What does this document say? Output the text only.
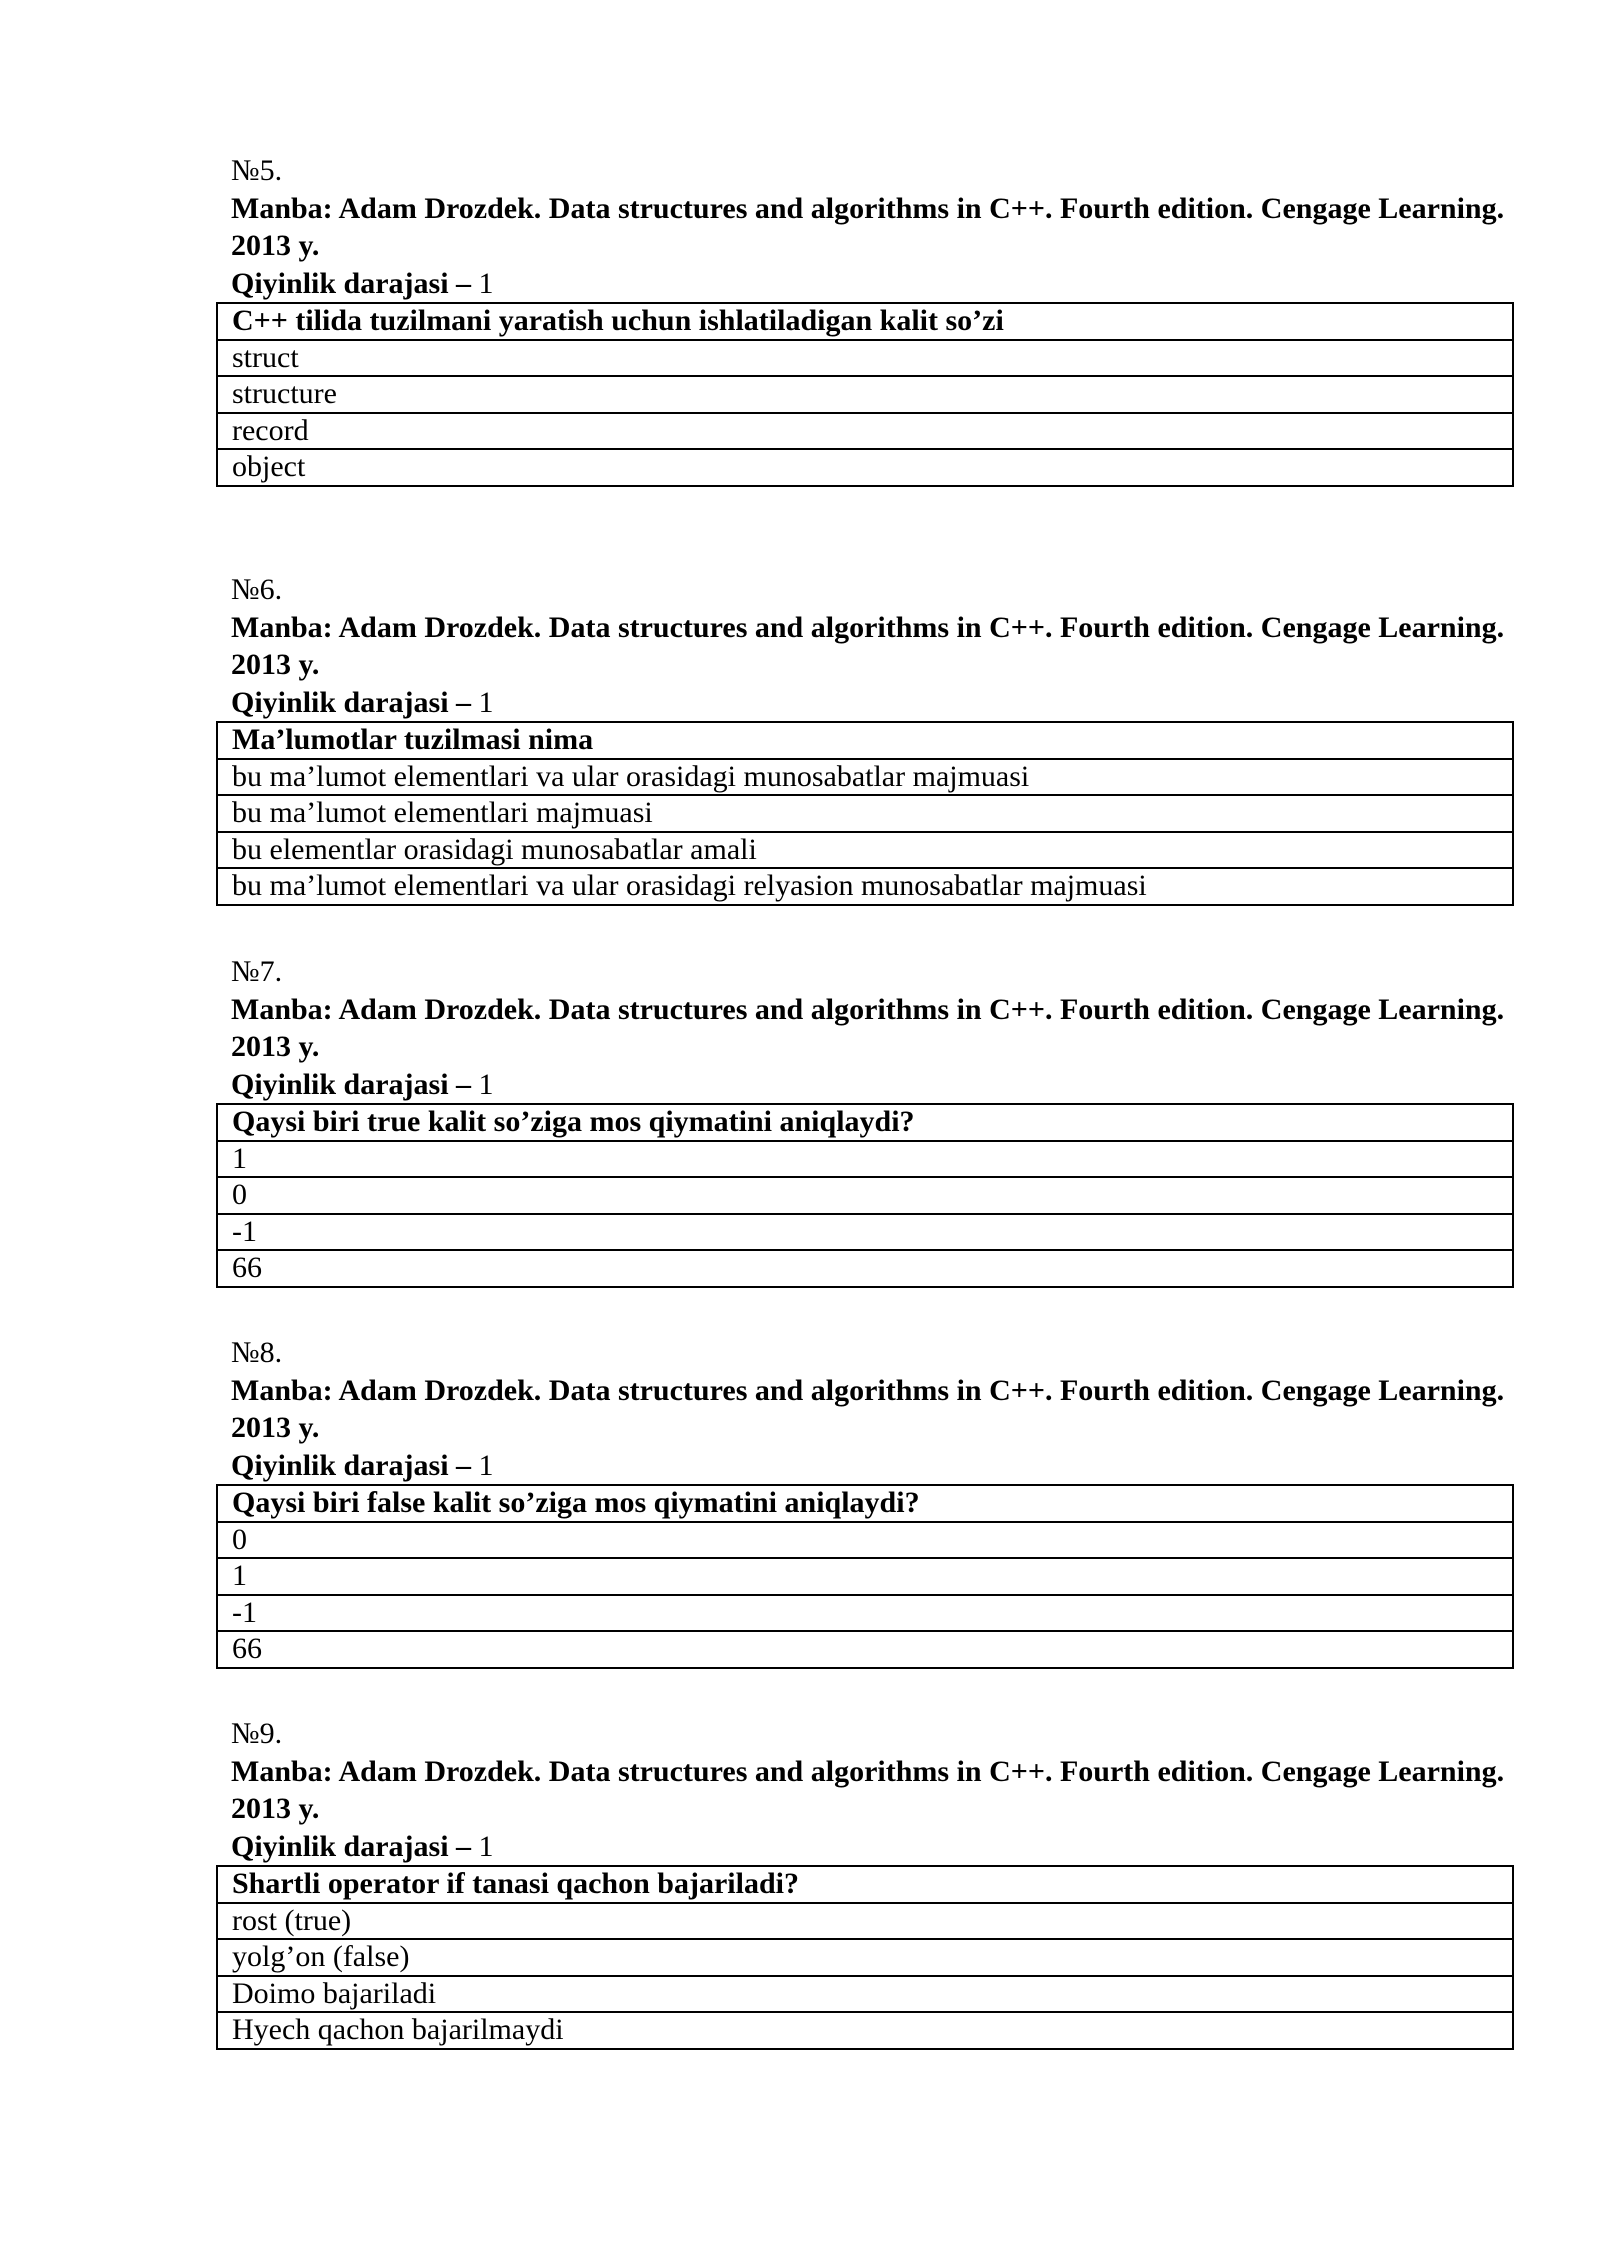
№5.

Manba: Adam Drozdek. Data structures and algorithms in C++. Fourth edition. Cengage Learning. 2013 y.

Qiyinlik darajasi – 1

C++ tilida tuzilmani yaratish uchun ishlatiladigan kalit so’zi
struct
structure
record
object

№6.

Manba: Adam Drozdek. Data structures and algorithms in C++. Fourth edition. Cengage Learning. 2013 y.

Qiyinlik darajasi – 1

Ma’lumotlar tuzilmasi nima
bu ma’lumot elementlari va ular orasidagi munosabatlar majmuasi
bu ma’lumot elementlari majmuasi
bu elementlar orasidagi munosabatlar amali
bu ma’lumot elementlari va ular orasidagi relyasion munosabatlar majmuasi

№7.

Manba: Adam Drozdek. Data structures and algorithms in C++. Fourth edition. Cengage Learning. 2013 y.

Qiyinlik darajasi – 1

Qaysi biri true kalit so’ziga mos qiymatini aniqlaydi?
1
0
-1
66

№8.

Manba: Adam Drozdek. Data structures and algorithms in C++. Fourth edition. Cengage Learning. 2013 y.

Qiyinlik darajasi – 1

Qaysi biri false kalit so’ziga mos qiymatini aniqlaydi?
0
1
-1
66

№9.

Manba: Adam Drozdek. Data structures and algorithms in C++. Fourth edition. Cengage Learning. 2013 y.

Qiyinlik darajasi – 1

Shartli operator if tanasi qachon bajariladi?
rost (true)
yolg’on (false)
Doimo bajariladi
Hyech qachon bajarilmaydi
